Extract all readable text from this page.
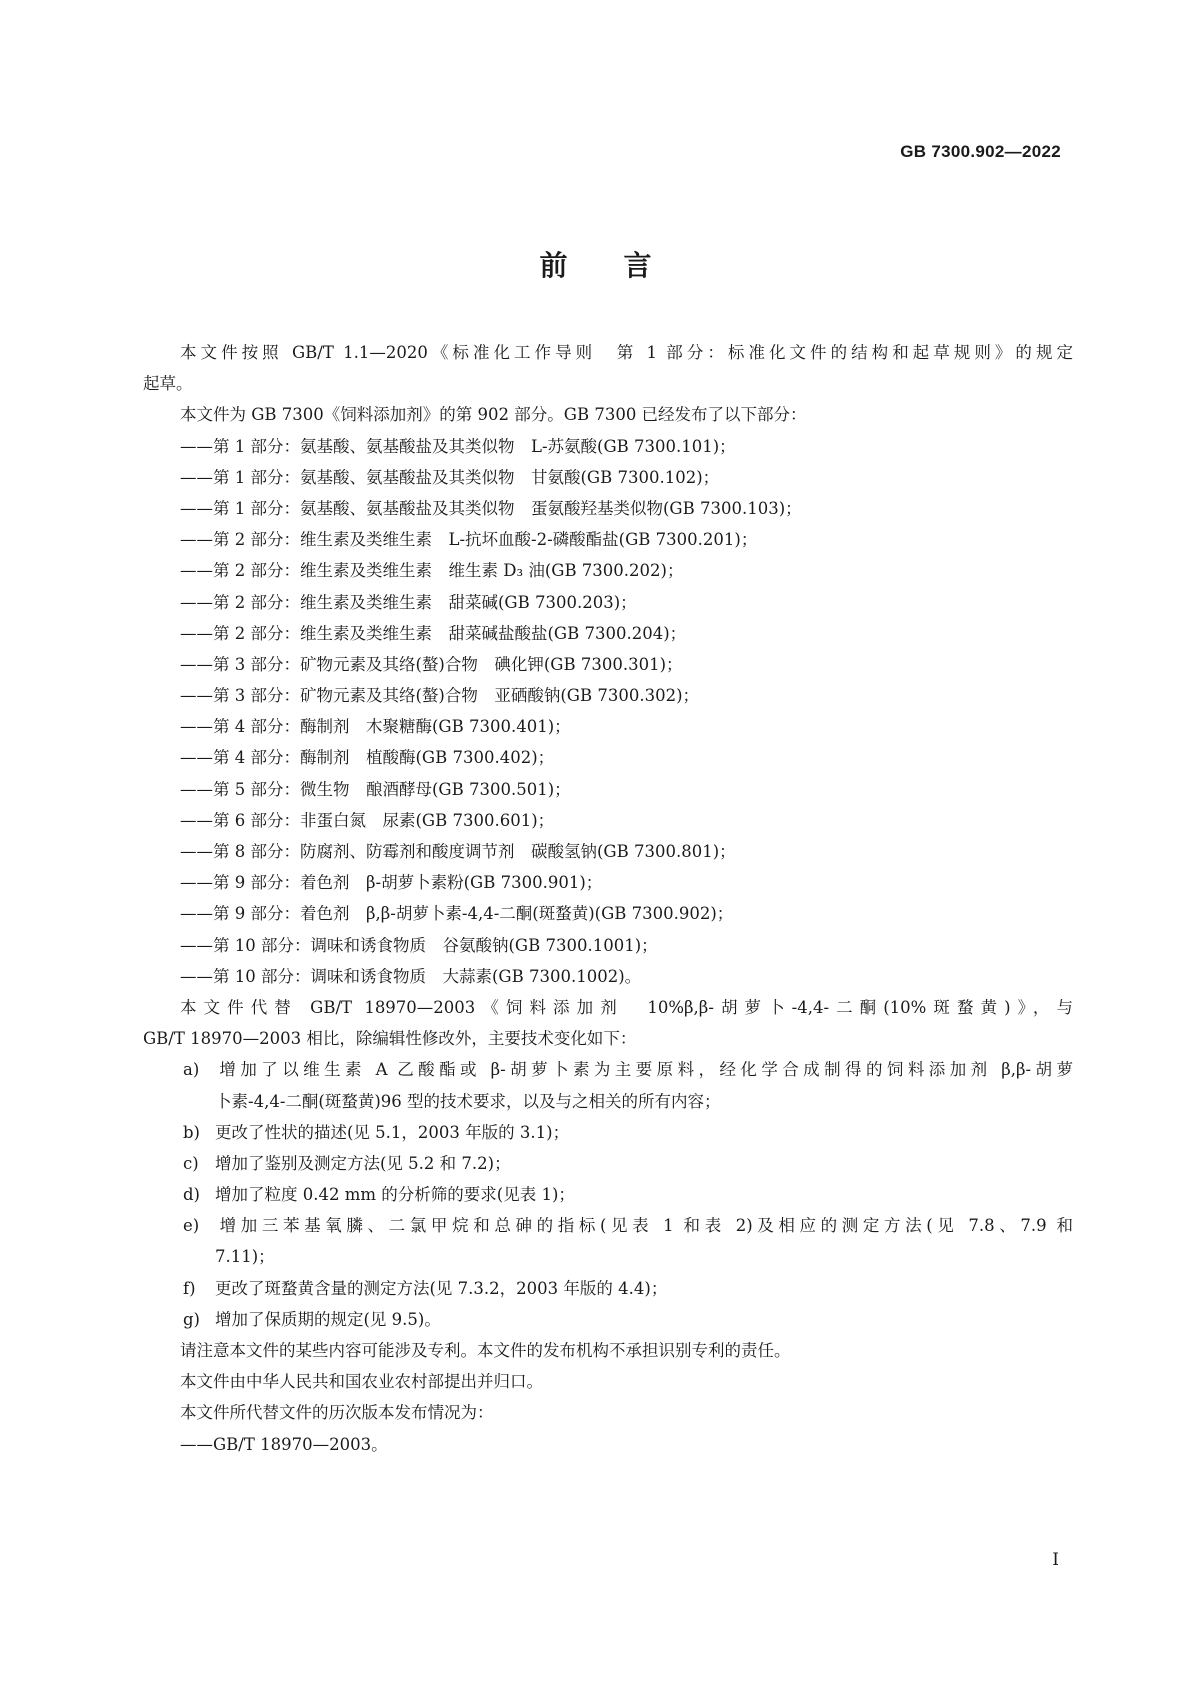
GB 7300.902—2022
前言
本文件按照 GB/T 1.1—2020《标准化工作导则　第 1 部分：标准化文件的结构和起草规则》的规定
起草。
本文件为 GB 7300《饲料添加剂》的第 902 部分。GB 7300 已经发布了以下部分：
——第 1 部分：氨基酸、氨基酸盐及其类似物　L-苏氨酸(GB 7300.101)；
——第 1 部分：氨基酸、氨基酸盐及其类似物　甘氨酸(GB 7300.102)；
——第 1 部分：氨基酸、氨基酸盐及其类似物　蛋氨酸羟基类似物(GB 7300.103)；
——第 2 部分：维生素及类维生素　L-抗坏血酸-2-磷酸酯盐(GB 7300.201)；
——第 2 部分：维生素及类维生素　维生素 D₃ 油(GB 7300.202)；
——第 2 部分：维生素及类维生素　甜菜碱(GB 7300.203)；
——第 2 部分：维生素及类维生素　甜菜碱盐酸盐(GB 7300.204)；
——第 3 部分：矿物元素及其络(螯)合物　碘化钾(GB 7300.301)；
——第 3 部分：矿物元素及其络(螯)合物　亚硒酸钠(GB 7300.302)；
——第 4 部分：酶制剂　木聚糖酶(GB 7300.401)；
——第 4 部分：酶制剂　植酸酶(GB 7300.402)；
——第 5 部分：微生物　酿酒酵母(GB 7300.501)；
——第 6 部分：非蛋白氮　尿素(GB 7300.601)；
——第 8 部分：防腐剂、防霉剂和酸度调节剂　碳酸氢钠(GB 7300.801)；
——第 9 部分：着色剂　β-胡萝卜素粉(GB 7300.901)；
——第 9 部分：着色剂　β,β-胡萝卜素-4,4-二酮(斑蝥黄)(GB 7300.902)；
——第 10 部分：调味和诱食物质　谷氨酸钠(GB 7300.1001)；
——第 10 部分：调味和诱食物质　大蒜素(GB 7300.1002)。
本文件代替 GB/T 18970—2003《饲料添加剂　10%β,β-胡萝卜-4,4-二酮(10%斑蝥黄)》，与
GB/T 18970—2003 相比，除编辑性修改外，主要技术变化如下：
a) 增加了以维生素 A 乙酸酯或 β-胡萝卜素为主要原料，经化学合成制得的饲料添加剂 β,β-胡萝
卜素-4,4-二酮(斑蝥黄)96 型的技术要求，以及与之相关的所有内容；
b) 更改了性状的描述(见 5.1，2003 年版的 3.1)；
c) 增加了鉴别及测定方法(见 5.2 和 7.2)；
d) 增加了粒度 0.42 mm 的分析筛的要求(见表 1)；
e) 增加三苯基氧膦、二氯甲烷和总砷的指标(见表 1 和表 2)及相应的测定方法(见 7.8、7.9 和
7.11)；
f) 更改了斑蝥黄含量的测定方法(见 7.3.2，2003 年版的 4.4)；
g) 增加了保质期的规定(见 9.5)。
请注意本文件的某些内容可能涉及专利。本文件的发布机构不承担识别专利的责任。
本文件由中华人民共和国农业农村部提出并归口。
本文件所代替文件的历次版本发布情况为：
——GB/T 18970—2003。
I
